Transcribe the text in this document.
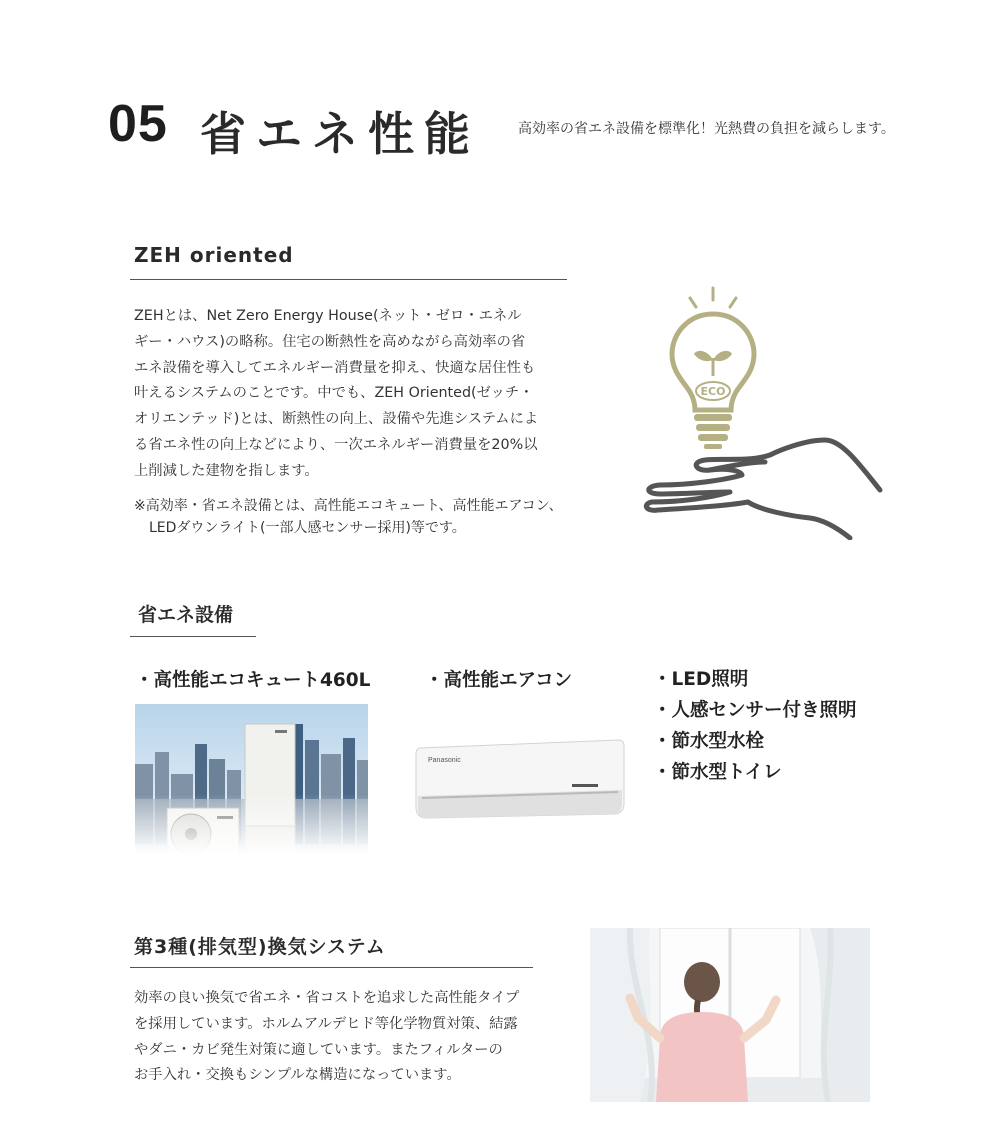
05 省エネ性能	高効率の省エネ設備を標準化！光熱費の負担を減らします。
ZEH oriented
ZEHとは、Net Zero Energy House(ネット・ゼロ・エネル
ギー・ハウス)の略称。住宅の断熱性を高めながら高効率の省
エネ設備を導入してエネルギー消費量を抑え、快適な居住性も
叶えるシステムのことです。中でも、ZEH Oriented(ゼッチ・
オリエンテッド)とは、断熱性の向上、設備や先進システムによ
る省エネ性の向上などにより、一次エネルギー消費量を20%以
上削減した建物を指します。
※高効率・省エネ設備とは、高性能エコキュート、高性能エアコン、
LEDダウンライト(一部人感センサー採用)等です。
ECO
省エネ設備
・高性能エコキュート460L	・高性能エアコン	・LED照明
・人感センサー付き照明
・節水型水栓
・節水型トイレ
Panasonic
第3種(排気型)換気システム
効率の良い換気で省エネ・省コストを追求した高性能タイプ
を採用しています。ホルムアルデヒド等化学物質対策、結露
やダニ・カビ発生対策に適しています。またフィルターの
お手入れ・交換もシンプルな構造になっています。
